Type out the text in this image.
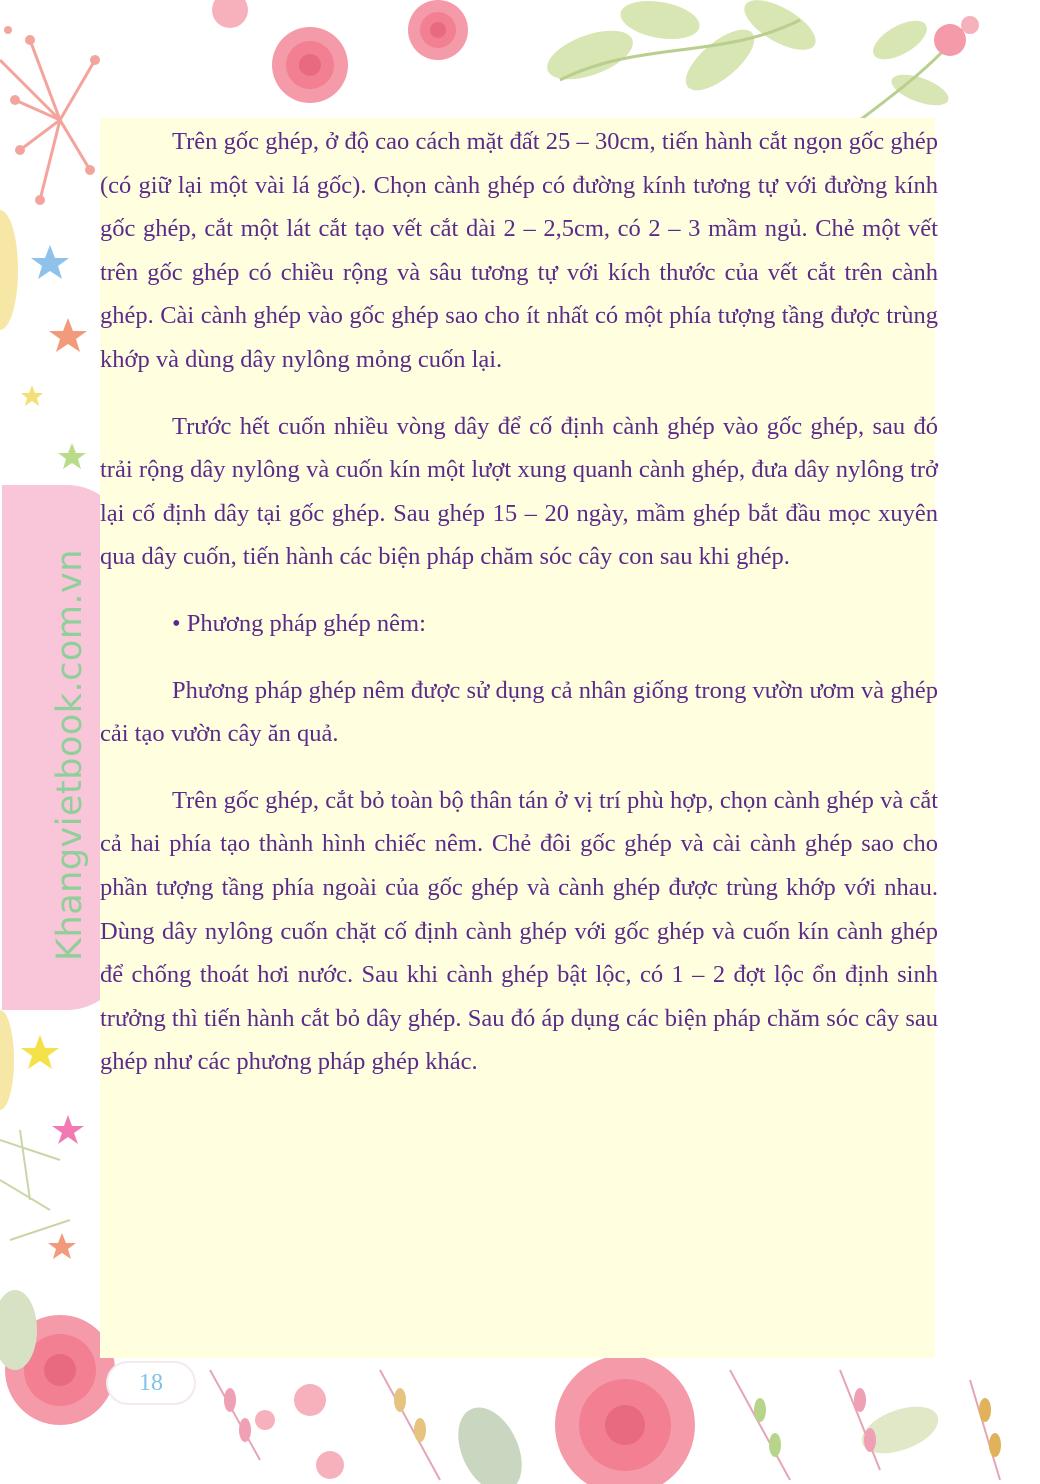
Khangvietbook.com.vn

Trên gốc ghép, ở độ cao cách mặt đất 25 – 30cm, tiến hành cắt ngọn gốc ghép (có giữ lại một vài lá gốc). Chọn cành ghép có đường kính tương tự với đường kính gốc ghép, cắt một lát cắt tạo vết cắt dài 2 – 2,5cm, có 2 – 3 mầm ngủ. Chẻ một vết trên gốc ghép có chiều rộng và sâu tương tự với kích thước của vết cắt trên cành ghép. Cài cành ghép vào gốc ghép sao cho ít nhất có một phía tượng tầng được trùng khớp và dùng dây nylông mỏng cuốn lại.

Trước hết cuốn nhiều vòng dây để cố định cành ghép vào gốc ghép, sau đó trải rộng dây nylông và cuốn kín một lượt xung quanh cành ghép, đưa dây nylông trở lại cố định dây tại gốc ghép. Sau ghép 15 – 20 ngày, mầm ghép bắt đầu mọc xuyên qua dây cuốn, tiến hành các biện pháp chăm sóc cây con sau khi ghép.

• Phương pháp ghép nêm:

Phương pháp ghép nêm được sử dụng cả nhân giống trong vườn ươm và ghép cải tạo vườn cây ăn quả.

Trên gốc ghép, cắt bỏ toàn bộ thân tán ở vị trí phù hợp, chọn cành ghép và cắt cả hai phía tạo thành hình chiếc nêm. Chẻ đôi gốc ghép và cài cành ghép sao cho phần tượng tầng phía ngoài của gốc ghép và cành ghép được trùng khớp với nhau. Dùng dây nylông cuốn chặt cố định cành ghép với gốc ghép và cuốn kín cành ghép để chống thoát hơi nước. Sau khi cành ghép bật lộc, có 1 – 2 đợt lộc ổn định sinh trưởng thì tiến hành cắt bỏ dây ghép. Sau đó áp dụng các biện pháp chăm sóc cây sau ghép như các phương pháp ghép khác.

18
